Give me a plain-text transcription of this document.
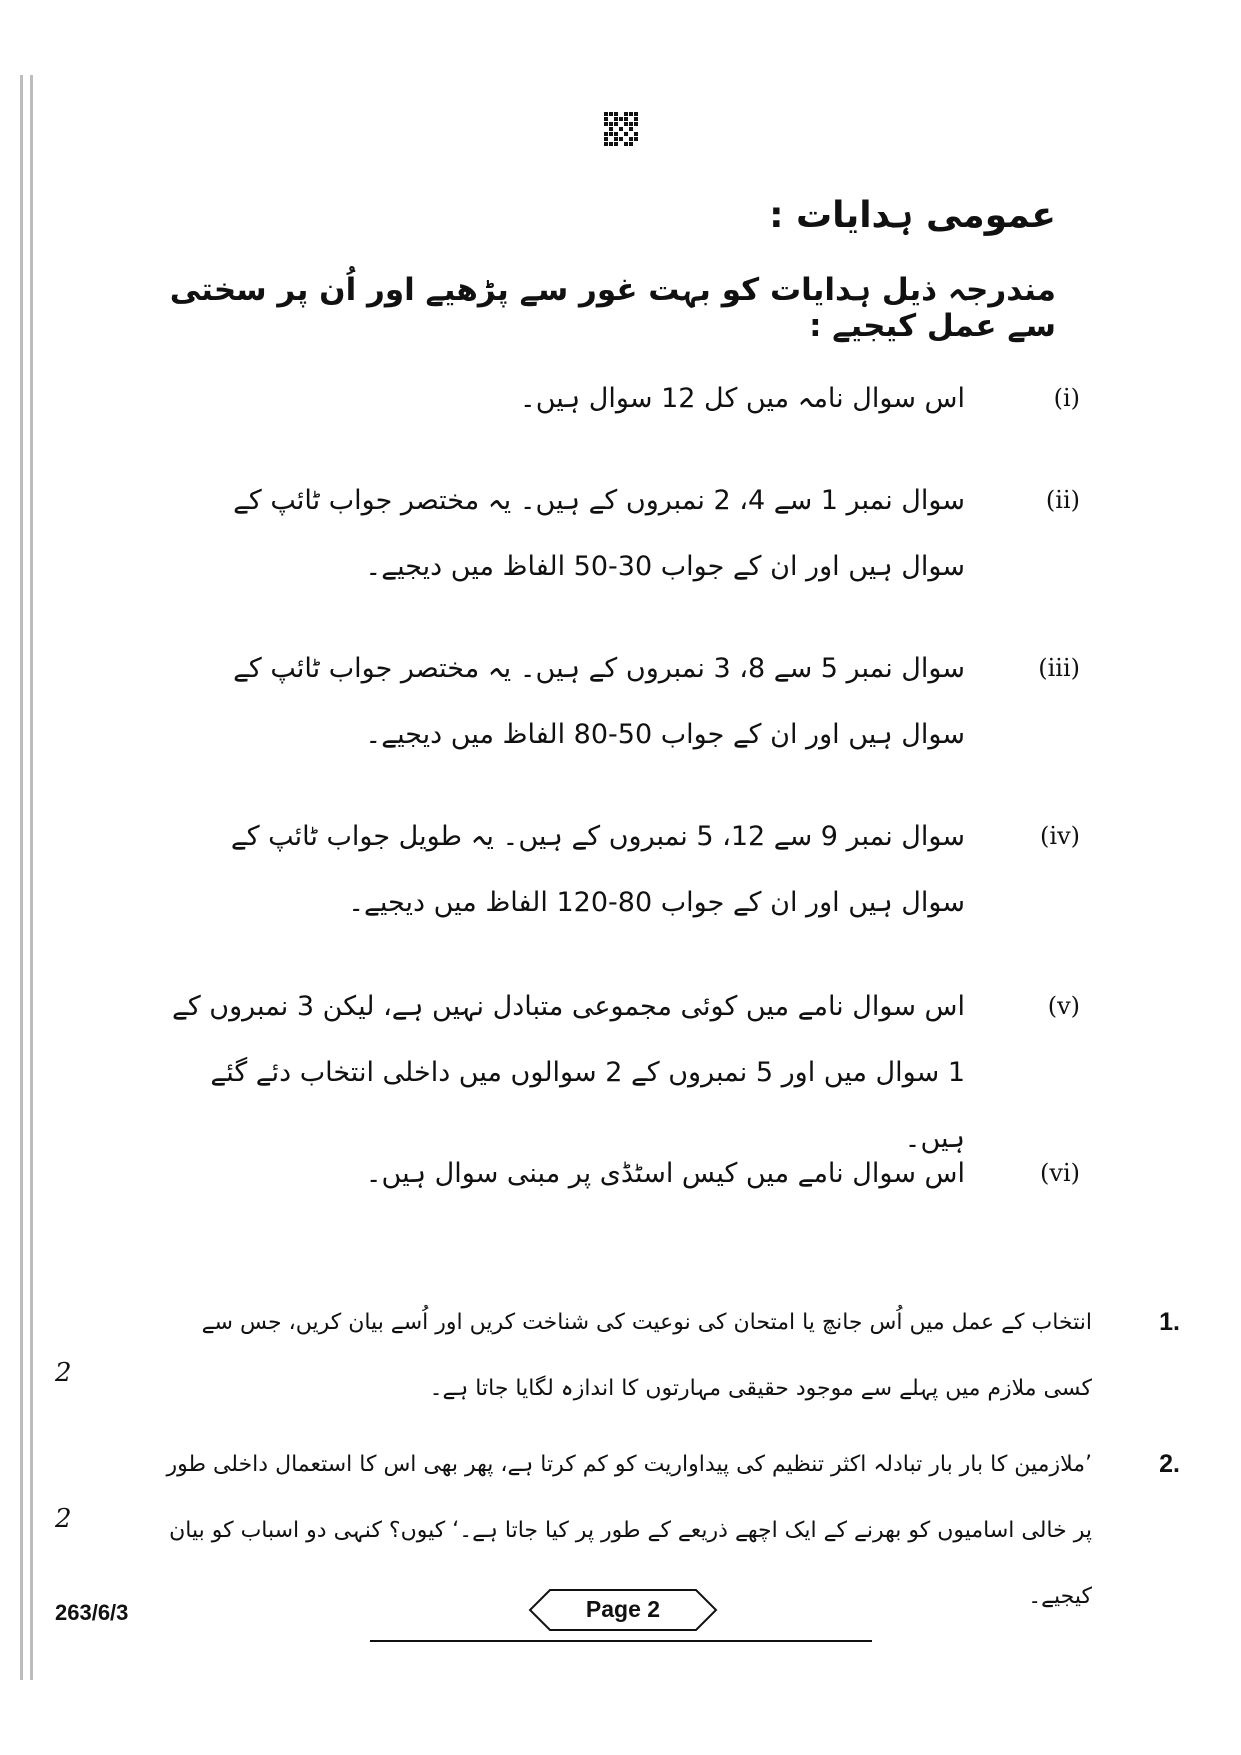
عمومی ہدایات :
مندرجہ ذیل ہدایات کو بہت غور سے پڑھیے اور اُن پر سختی سے عمل کیجیے :
(i)
اس سوال نامہ میں کل 12 سوال ہیں۔
(ii)
سوال نمبر 1 سے 4، 2 نمبروں کے ہیں۔ یہ مختصر جواب ٹائپ کے سوال ہیں اور ان کے جواب 30-50 الفاظ میں دیجیے۔
(iii)
سوال نمبر 5 سے 8، 3 نمبروں کے ہیں۔ یہ مختصر جواب ٹائپ کے سوال ہیں اور ان کے جواب 50-80 الفاظ میں دیجیے۔
(iv)
سوال نمبر 9 سے 12، 5 نمبروں کے ہیں۔ یہ طویل جواب ٹائپ کے سوال ہیں اور ان کے جواب 80-120 الفاظ میں دیجیے۔
(v)
اس سوال نامے میں کوئی مجموعی متبادل نہیں ہے، لیکن 3 نمبروں کے 1 سوال میں اور 5 نمبروں کے 2 سوالوں میں داخلی انتخاب دئے گئے ہیں۔
(vi)
اس سوال نامے میں کیس اسٹڈی پر مبنی سوال ہیں۔
1.
انتخاب کے عمل میں اُس جانچ یا امتحان کی نوعیت کی شناخت کریں اور اُسے بیان کریں، جس سے کسی ملازم میں پہلے سے موجود حقیقی مہارتوں کا اندازہ لگایا جاتا ہے۔
2
2.
’ملازمین کا بار بار تبادلہ اکثر تنظیم کی پیداواریت کو کم کرتا ہے، پھر بھی اس کا استعمال داخلی طور پر خالی اسامیوں کو بھرنے کے ایک اچھے ذریعے کے طور پر کیا جاتا ہے۔‘ کیوں؟ کنہی دو اسباب کو بیان کیجیے۔
2
263/6/3	Page 2
